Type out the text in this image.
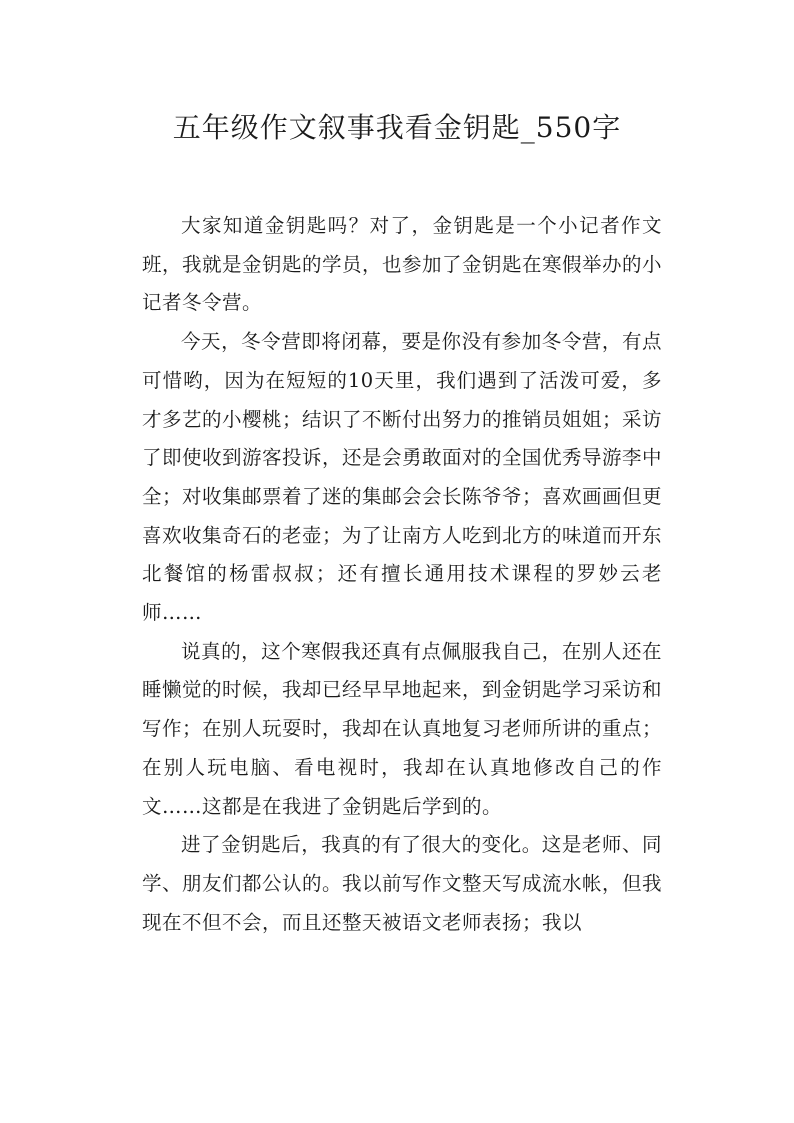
五年级作文叙事我看金钥匙_550字

大家知道金钥匙吗？对了，金钥匙是一个小记者作文班，我就是金钥匙的学员，也参加了金钥匙在寒假举办的小记者冬令营。

今天，冬令营即将闭幕，要是你没有参加冬令营，有点可惜哟，因为在短短的10天里，我们遇到了活泼可爱，多才多艺的小樱桃；结识了不断付出努力的推销员姐姐；采访了即使收到游客投诉，还是会勇敢面对的全国优秀导游李中全；对收集邮票着了迷的集邮会会长陈爷爷；喜欢画画但更喜欢收集奇石的老壶；为了让南方人吃到北方的味道而开东北餐馆的杨雷叔叔；还有擅长通用技术课程的罗妙云老师……

说真的，这个寒假我还真有点佩服我自己，在别人还在睡懒觉的时候，我却已经早早地起来，到金钥匙学习采访和写作；在别人玩耍时，我却在认真地复习老师所讲的重点；在别人玩电脑、看电视时，我却在认真地修改自己的作文……这都是在我进了金钥匙后学到的。

进了金钥匙后，我真的有了很大的变化。这是老师、同学、朋友们都公认的。我以前写作文整天写成流水帐，但我现在不但不会，而且还整天被语文老师表扬；我以
